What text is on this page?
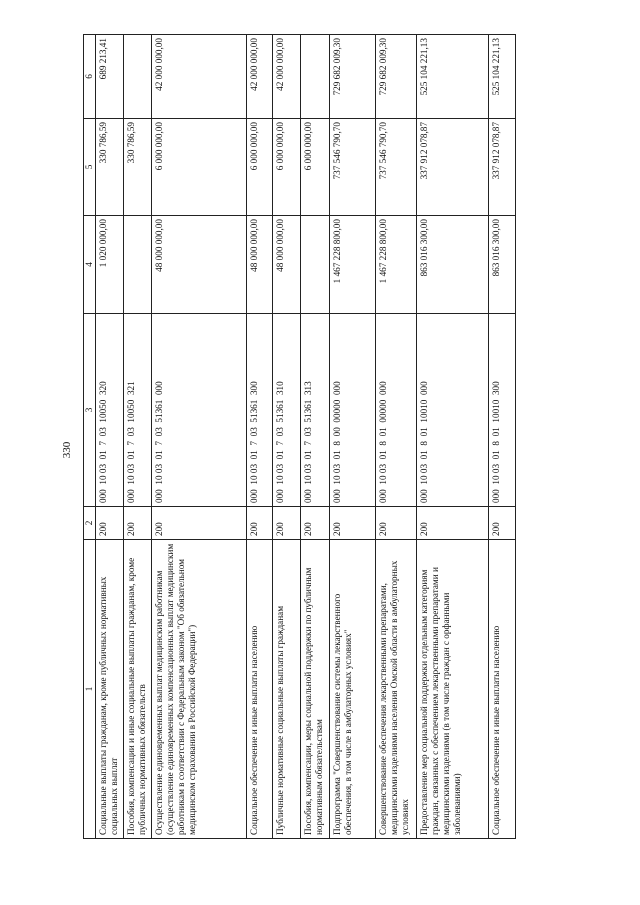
330
1	2	3	4	5	6
Социальные выплаты гражданам, кроме публичных нормативных социальных выплат	200	000  10 03  01  7  03  10050  320	1 020 000,00	330 786,59	689 213,41
Пособия, компенсации и иные социальные выплаты гражданам, кроме публичных нормативных обязательств	200	000  10 03  01  7  03  10050  321		330 786,59	
Осуществление единовременных выплат медицинским работникам (осуществление единовременных компенсационных выплат медицинским работникам в соответствии с Федеральным законом "Об обязательном медицинском страховании в Российской Федерации")	200	000  10 03  01  7  03  51361  000	48 000 000,00	6 000 000,00	42 000 000,00
Социальное обеспечение и иные выплаты населению	200	000  10 03  01  7  03  51361  300	48 000 000,00	6 000 000,00	42 000 000,00
Публичные нормативные социальные выплаты гражданам	200	000  10 03  01  7  03  51361  310	48 000 000,00	6 000 000,00	42 000 000,00
Пособия, компенсации, меры социальной поддержки по публичным нормативным обязательствам	200	000  10 03  01  7  03  51361  313		6 000 000,00	
Подпрограмма "Совершенствование системы лекарственного обеспечения, в том числе в амбулаторных условиях"	200	000  10 03  01  8  00  00000  000	1 467 228 800,00	737 546 790,70	729 682 009,30
Совершенствование обеспечения лекарственными препаратами, медицинскими изделиями населения Омской области в амбулаторных условиях	200	000  10 03  01  8  01  00000  000	1 467 228 800,00	737 546 790,70	729 682 009,30
Предоставление мер социальной поддержки отдельным категориям граждан, связанных с обеспечением лекарственными препаратами и медицинскими изделиями (в том числе граждан с орфанными заболеваниями)	200	000  10 03  01  8  01  10010  000	863 016 300,00	337 912 078,87	525 104 221,13
Социальное обеспечение и иные выплаты населению	200	000  10 03  01  8  01  10010  300	863 016 300,00	337 912 078,87	525 104 221,13
